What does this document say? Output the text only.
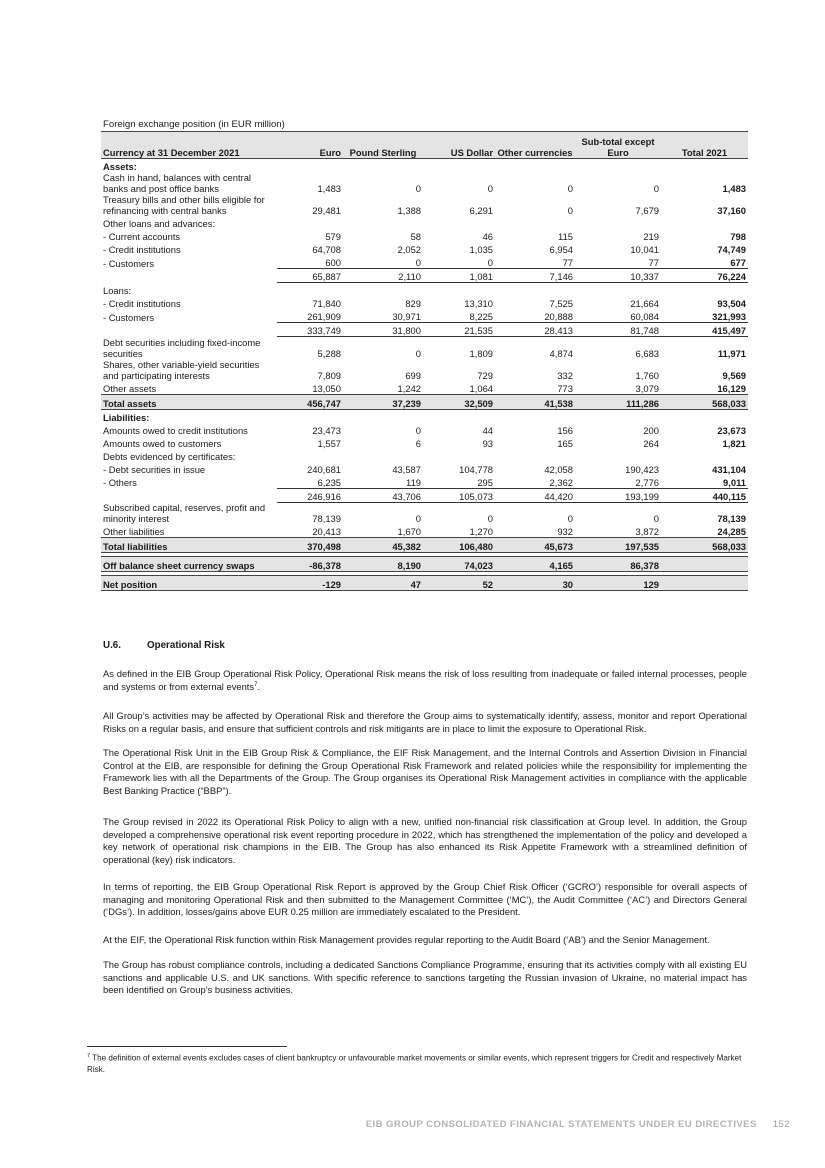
Foreign exchange position (in EUR million)
Currency at 31 December 2021	Euro	Pound Sterling	US Dollar	Other currencies	Sub-total except Euro	Total 2021
Assets:						
Cash in hand, balances with central banks and post office banks	1,483	0	0	0	0	1,483
Treasury bills and other bills eligible for refinancing with central banks	29,481	1,388	6,291	0	7,679	37,160
Other loans and advances:						
- Current accounts	579	58	46	115	219	798
- Credit institutions	64,708	2,052	1,035	6,954	10,041	74,749
- Customers	600	0	0	77	77	677
	65,887	2,110	1,081	7,146	10,337	76,224
Loans:						
- Credit institutions	71,840	829	13,310	7,525	21,664	93,504
- Customers	261,909	30,971	8,225	20,888	60,084	321,993
	333,749	31,800	21,535	28,413	81,748	415,497
Debt securities including fixed-income securities	5,288	0	1,809	4,874	6,683	11,971
Shares, other variable-yield securities and participating interests	7,809	699	729	332	1,760	9,569
Other assets	13,050	1,242	1,064	773	3,079	16,129
Total assets	456,747	37,239	32,509	41,538	111,286	568,033
Liabilities:						
Amounts owed to credit institutions	23,473	0	44	156	200	23,673
Amounts owed to customers	1,557	6	93	165	264	1,821
Debts evidenced by certificates:						
- Debt securities in issue	240,681	43,587	104,778	42,058	190,423	431,104
- Others	6,235	119	295	2,362	2,776	9,011
	246,916	43,706	105,073	44,420	193,199	440,115
Subscribed capital, reserves, profit and minority interest	78,139	0	0	0	0	78,139
Other liabilities	20,413	1,670	1,270	932	3,872	24,285
Total liabilities	370,498	45,382	106,480	45,673	197,535	568,033

Off balance sheet currency swaps	-86,378	8,190	74,023	4,165	86,378	

Net position	-129	47	52	30	129	
U.6.	Operational Risk

As defined in the EIB Group Operational Risk Policy, Operational Risk means the risk of loss resulting from inadequate or failed internal processes, people and systems or from external events$^7$.

All Group’s activities may be affected by Operational Risk and therefore the Group aims to systematically identify, assess, monitor and report Operational Risks on a regular basis, and ensure that sufficient controls and risk mitigants are in place to limit the exposure to Operational Risk.

The Operational Risk Unit in the EIB Group Risk & Compliance, the EIF Risk Management, and the Internal Controls and Assertion Division in Financial Control at the EIB, are responsible for defining the Group Operational Risk Framework and related policies while the responsibility for implementing the Framework lies with all the Departments of the Group. The Group organises its Operational Risk Management activities in compliance with the applicable Best Banking Practice (“BBP”).

The Group revised in 2022 its Operational Risk Policy to align with a new, unified non-financial risk classification at Group level. In addition, the Group developed a comprehensive operational risk event reporting procedure in 2022, which has strengthened the implementation of the policy and developed a key network of operational risk champions in the EIB. The Group has also enhanced its Risk Appetite Framework with a streamlined definition of operational (key) risk indicators.

In terms of reporting, the EIB Group Operational Risk Report is approved by the Group Chief Risk Officer (‘GCRO’) responsible for overall aspects of managing and monitoring Operational Risk and then submitted to the Management Committee (‘MC’), the Audit Committee (‘AC’) and Directors General (‘DGs’). In addition, losses/gains above EUR 0.25 million are immediately escalated to the President.

At the EIF, the Operational Risk function within Risk Management provides regular reporting to the Audit Board (‘AB’) and the Senior Management.

The Group has robust compliance controls, including a dedicated Sanctions Compliance Programme, ensuring that its activities comply with all existing EU sanctions and applicable U.S. and UK sanctions. With specific reference to sanctions targeting the Russian invasion of Ukraine, no material impact has been identified on Group’s business activities.

$^7$ The definition of external events excludes cases of client bankruptcy or unfavourable market movements or similar events, which represent triggers for Credit and respectively Market Risk.

EIB GROUP CONSOLIDATED FINANCIAL STATEMENTS UNDER EU DIRECTIVES 152
